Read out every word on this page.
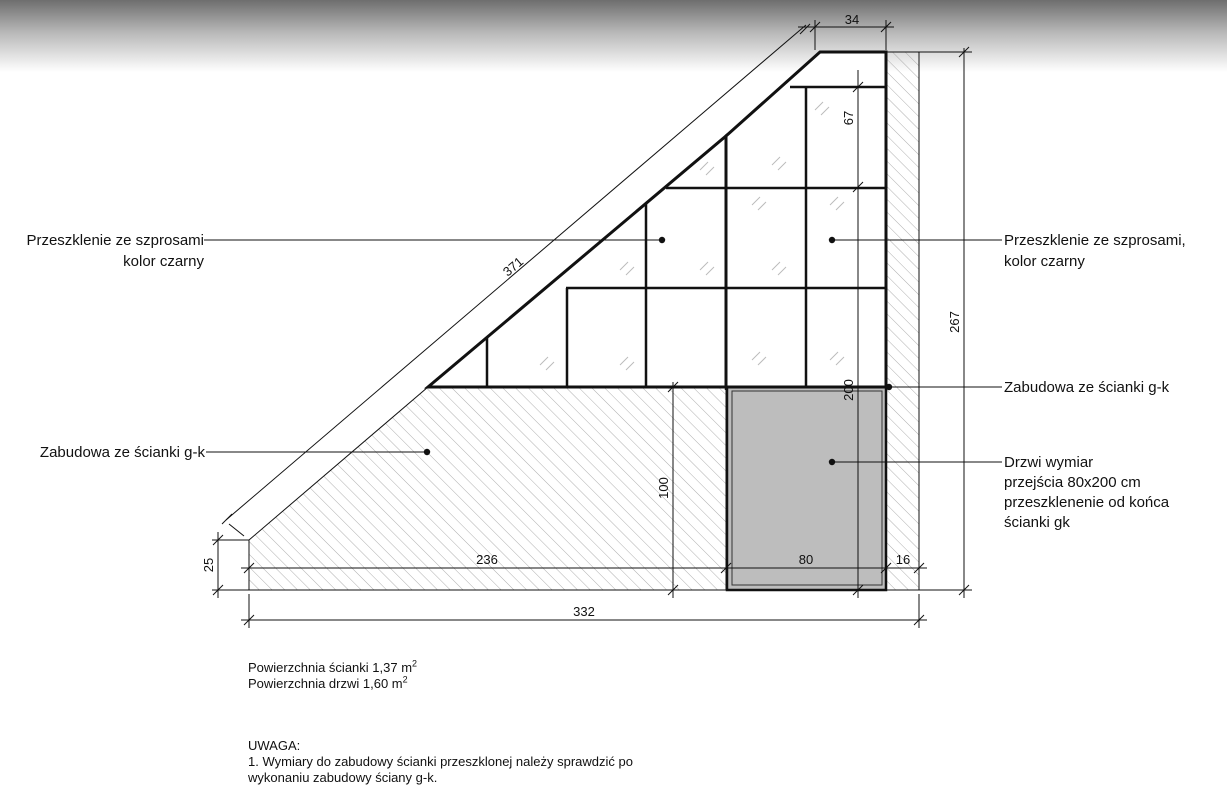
34
371
67
267
200
100
25	236	80	16
332
Przeszklenie ze szprosami
kolor czarny
Przeszklenie ze szprosami,
kolor czarny
Zabudowa ze ścianki g-k
Zabudowa ze ścianki g-k
Drzwi wymiar
przejścia 80x200 cm
przeszklenenie od końca
ścianki gk
Powierzchnia ścianki 1,37 $m^2$
Powierzchnia drzwi 1,60 $m^2$
UWAGA:
1. Wymiary do zabudowy ścianki przeszklonej należy sprawdzić po
wykonaniu zabudowy ściany g-k.
